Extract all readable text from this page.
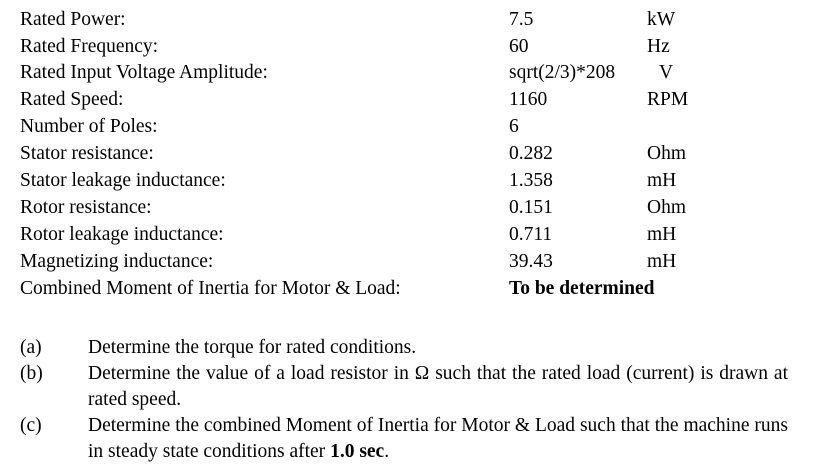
Rated Power:	7.5	kW
Rated Frequency:	60	Hz
Rated Input Voltage Amplitude:	sqrt(2/3)*208 V
Rated Speed:	1160	RPM
Number of Poles:	6
Stator resistance:	0.282	Ohm
Stator leakage inductance:	1.358	mH
Rotor resistance:	0.151	Ohm
Rotor leakage inductance:	0.711	mH
Magnetizing inductance:	39.43	mH
Combined Moment of Inertia for Motor & Load:	To be determined
(a) Determine the torque for rated conditions.
(b) Determine the value of a load resistor in Ω such that the rated load (current) is drawn at rated speed.
(c) Determine the combined Moment of Inertia for Motor & Load such that the machine runs in steady state conditions after 1.0 sec.
